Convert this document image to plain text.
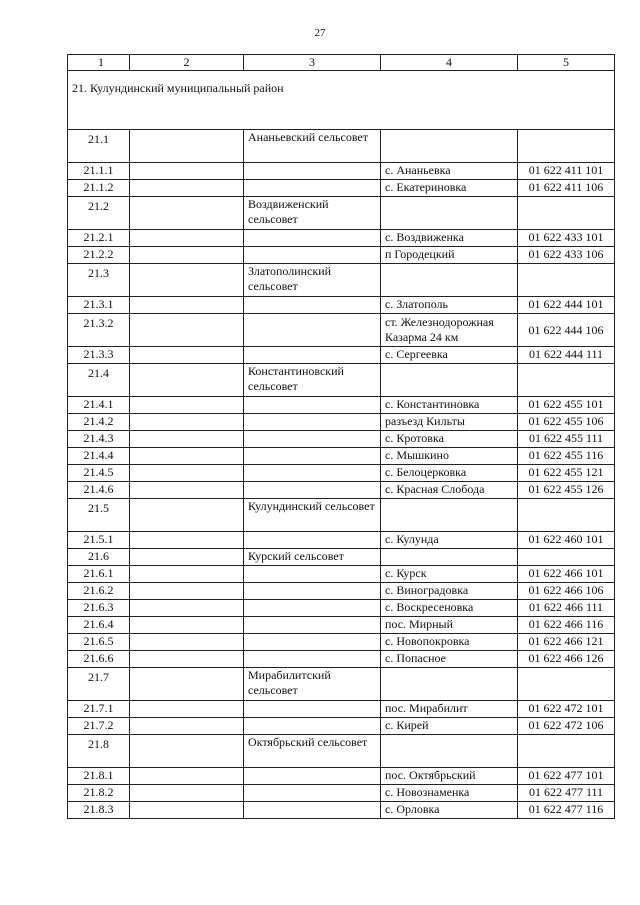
27
1	2	3	4	5
21. Кулундинский муниципальный район				
21.1		Ананьевский сельсовет		
21.1.1			с. Ананьевка	01 622 411 101
21.1.2			с. Екатериновка	01 622 411 106
21.2		Воздвиженский сельсовет		
21.2.1			с. Воздвиженка	01 622 433 101
21.2.2			п Городецкий	01 622 433 106
21.3		Златополинский сельсовет		
21.3.1			с. Златополь	01 622 444 101
21.3.2			ст. Железнодорожная Казарма 24 км	01 622 444 106
21.3.3			с. Сергеевка	01 622 444 111
21.4		Константиновский сельсовет		
21.4.1			с. Константиновка	01 622 455 101
21.4.2			разъезд Кильты	01 622 455 106
21.4.3			с. Кротовка	01 622 455 111
21.4.4			с. Мышкино	01 622 455 116
21.4.5			с. Белоцерковка	01 622 455 121
21.4.6			с. Красная Слобода	01 622 455 126
21.5		Кулундинский сельсовет		
21.5.1			с. Кулунда	01 622 460 101
21.6		Курский сельсовет		
21.6.1			с. Курск	01 622 466 101
21.6.2			с. Виноградовка	01 622 466 106
21.6.3			с. Воскресеновка	01 622 466 111
21.6.4			пос. Мирный	01 622 466 116
21.6.5			с. Новопокровка	01 622 466 121
21.6.6			с. Попасное	01 622 466 126
21.7		Мирабилитский сельсовет		
21.7.1			пос. Мирабилит	01 622 472 101
21.7.2			с. Кирей	01 622 472 106
21.8		Октябрьский сельсовет		
21.8.1			пос. Октябрьский	01 622 477 101
21.8.2			с. Новознаменка	01 622 477 111
21.8.3			с. Орловка	01 622 477 116
